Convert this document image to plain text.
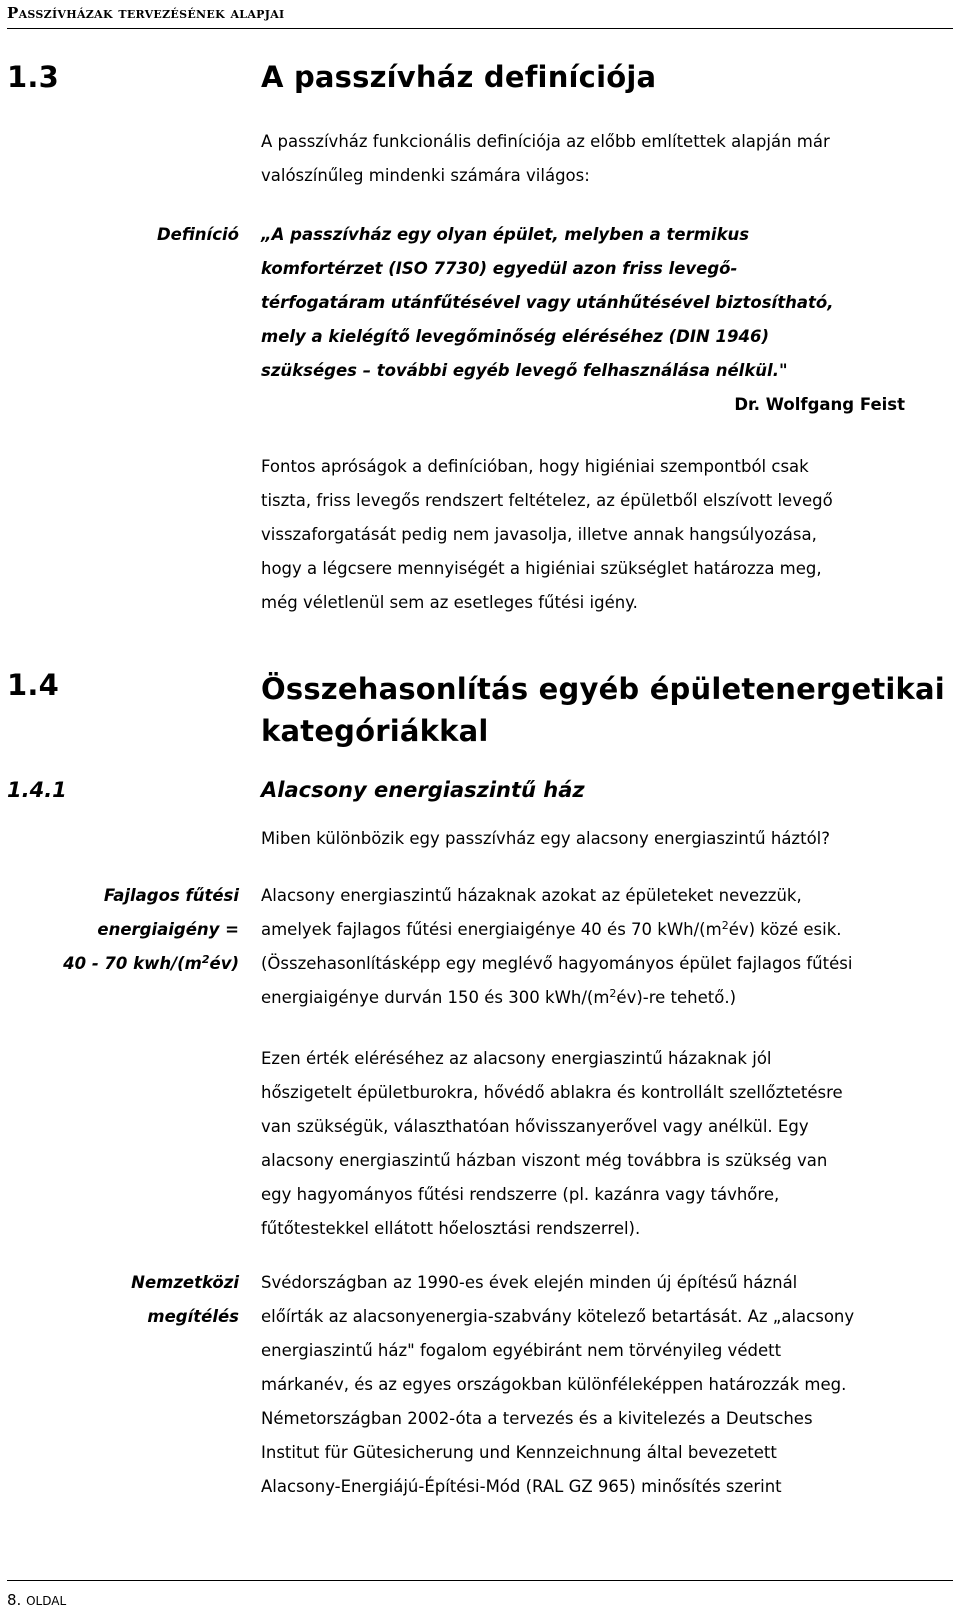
Passzívházak tervezésének alapjai
1.3	A passzívház definíciója

A passzívház funkcionális definíciója az előbb említettek alapján már

valószínűleg mindenki számára világos:

Definíció „A passzívház egy olyan épület, melyben a termikus

komfortérzet (ISO 7730) egyedül azon friss levegő-

térfogatáram utánfűtésével vagy utánhűtésével biztosítható,

mely a kielégítő levegőminőség eléréséhez (DIN 1946)

szükséges – további egyéb levegő felhasználása nélkül."

Dr. Wolfgang Feist

Fontos apróságok a definícióban, hogy higiéniai szempontból csak

tiszta, friss levegős rendszert feltételez, az épületből elszívott levegő

visszaforgatását pedig nem javasolja, illetve annak hangsúlyozása,

hogy a légcsere mennyiségét a higiéniai szükséglet határozza meg,

még véletlenül sem az esetleges fűtési igény.

1.4	Összehasonlítás egyéb épületenergetikai
kategóriákkal
1.4.1	Alacsony energiaszintű ház

Miben különbözik egy passzívház egy alacsony energiaszintű háztól?

Fajlagos fűtési
energiaigény =
40 - 70 kwh/$(m^2év)$

Alacsony energiaszintű házaknak azokat az épületeket nevezzük,

amelyek fajlagos fűtési energiaigénye 40 és 70 kWh/$(m^2év)$ közé esik.

(Összehasonlításképp egy meglévő hagyományos épület fajlagos fűtési

energiaigénye durván 150 és 300 kWh/$(m^2év)-re$ tehető.)

Ezen érték eléréséhez az alacsony energiaszintű házaknak jól

hőszigetelt épületburokra, hővédő ablakra és kontrollált szellőztetésre

van szükségük, választhatóan hővisszanyerővel vagy anélkül. Egy

alacsony energiaszintű házban viszont még továbbra is szükség van

egy hagyományos fűtési rendszerre (pl. kazánra vagy távhőre,

fűtőtestekkel ellátott hőelosztási rendszerrel).

Nemzetközi
megítélés

Svédországban az 1990-es évek elején minden új építésű háznál

előírták az alacsonyenergia-szabvány kötelező betartását. Az „alacsony

energiaszintű ház" fogalom egyébiránt nem törvényileg védett

márkanév, és az egyes országokban különféleképpen határozzák meg.

Németországban 2002-óta a tervezés és a kivitelezés a Deutsches

Institut für Gütesicherung und Kennzeichnung által bevezetett

Alacsony-Energiájú-Építési-Mód (RAL GZ 965) minősítés szerint

8. OLDAL
